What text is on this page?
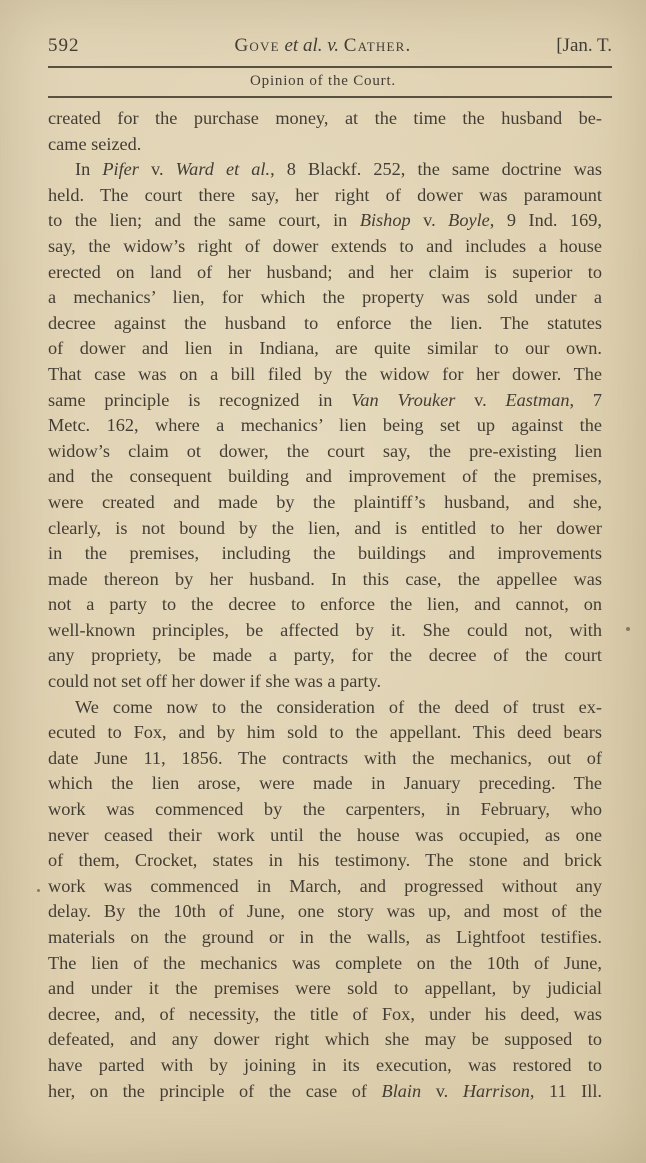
592	Gove et al. v. Cather.	[Jan. T.
Opinion of the Court.
created for the purchase money, at the time the husband be-
came seized.
In Pifer v. Ward et al., 8 Blackf. 252, the same doctrine was
held. The court there say, her right of dower was paramount
to the lien; and the same court, in Bishop v. Boyle, 9 Ind. 169,
say, the widow’s right of dower extends to and includes a house
erected on land of her husband; and her claim is superior to
a mechanics’ lien, for which the property was sold under a
decree against the husband to enforce the lien. The statutes
of dower and lien in Indiana, are quite similar to our own.
That case was on a bill filed by the widow for her dower. The
same principle is recognized in Van Vrouker v. Eastman, 7
Metc. 162, where a mechanics’ lien being set up against the
widow’s claim ot dower, the court say, the pre-existing lien
and the consequent building and improvement of the premises,
were created and made by the plaintiff’s husband, and she,
clearly, is not bound by the lien, and is entitled to her dower
in the premises, including the buildings and improvements
made thereon by her husband. In this case, the appellee was
not a party to the decree to enforce the lien, and cannot, on
well-known principles, be affected by it. She could not, with
any propriety, be made a party, for the decree of the court
could not set off her dower if she was a party.
We come now to the consideration of the deed of trust ex-
ecuted to Fox, and by him sold to the appellant. This deed bears
date June 11, 1856. The contracts with the mechanics, out of
which the lien arose, were made in January preceding. The
work was commenced by the carpenters, in February, who
never ceased their work until the house was occupied, as one
of them, Crocket, states in his testimony. The stone and brick
work was commenced in March, and progressed without any
delay. By the 10th of June, one story was up, and most of the
materials on the ground or in the walls, as Lightfoot testifies.
The lien of the mechanics was complete on the 10th of June,
and under it the premises were sold to appellant, by judicial
decree, and, of necessity, the title of Fox, under his deed, was
defeated, and any dower right which she may be supposed to
have parted with by joining in its execution, was restored to
her, on the principle of the case of Blain v. Harrison, 11 Ill.
